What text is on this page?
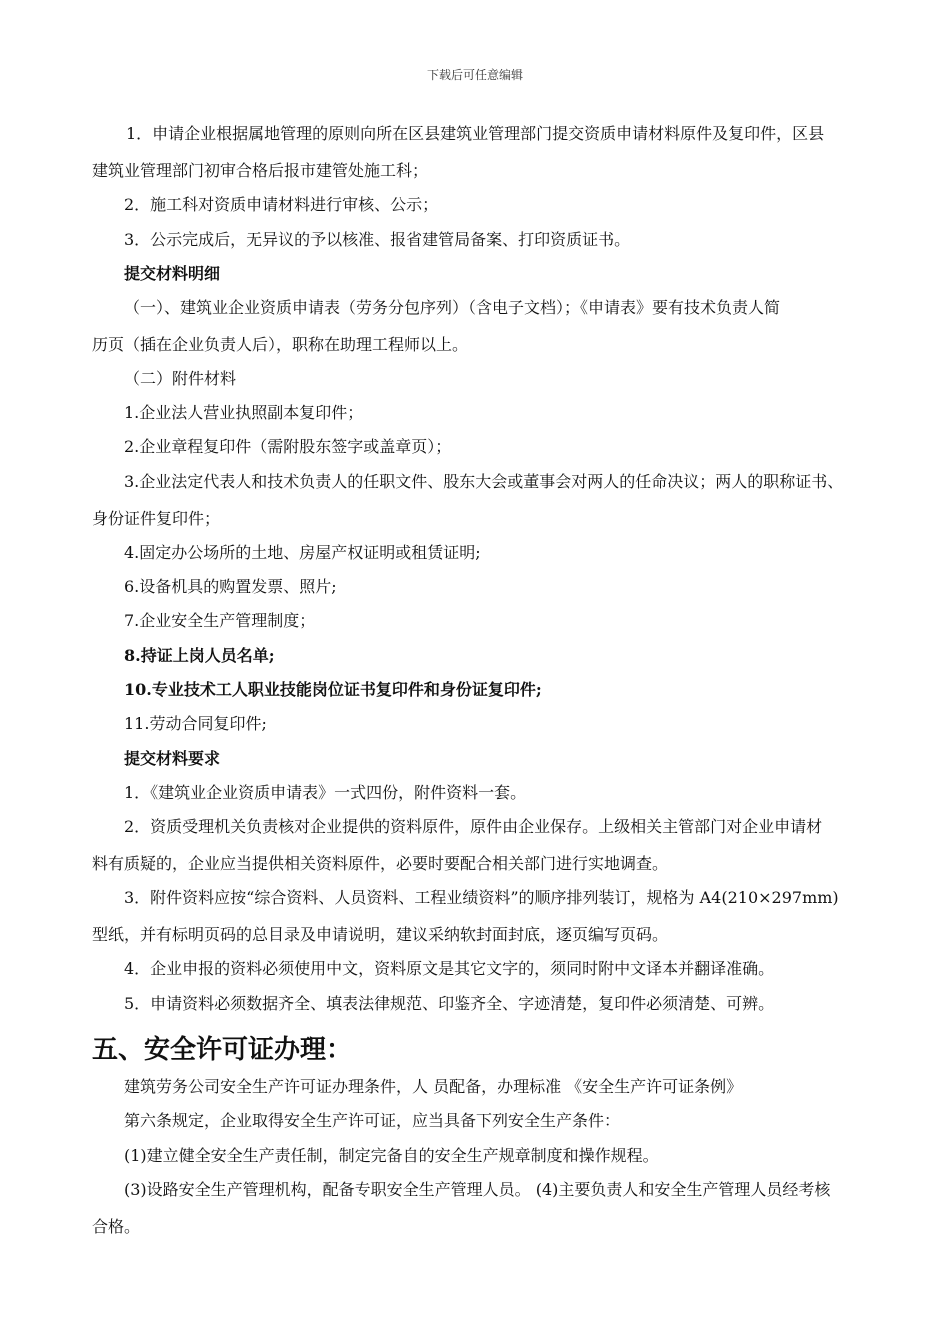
下载后可任意编辑
1．申请企业根据属地管理的原则向所在区县建筑业管理部门提交资质申请材料原件及复印件，区县
建筑业管理部门初审合格后报市建管处施工科；
2．施工科对资质申请材料进行审核、公示；
3．公示完成后，无异议的予以核准、报省建管局备案、打印资质证书。
提交材料明细
（一）、建筑业企业资质申请表（劳务分包序列）（含电子文档）；《申请表》要有技术负责人简
历页（插在企业负责人后），职称在助理工程师以上。
（二）附件材料
1.企业法人营业执照副本复印件；
2.企业章程复印件（需附股东签字或盖章页）；
3.企业法定代表人和技术负责人的任职文件、股东大会或董事会对两人的任命决议；两人的职称证书、
身份证件复印件；
4.固定办公场所的土地、房屋产权证明或租赁证明;
6.设备机具的购置发票、照片;
7.企业安全生产管理制度；
8.持证上岗人员名单;
10.专业技术工人职业技能岗位证书复印件和身份证复印件;
11.劳动合同复印件;
提交材料要求
1．《建筑业企业资质申请表》一式四份，附件资料一套。
2．资质受理机关负责核对企业提供的资料原件，原件由企业保存。上级相关主管部门对企业申请材
料有质疑的，企业应当提供相关资料原件，必要时要配合相关部门进行实地调查。
3．附件资料应按“综合资料、人员资料、工程业绩资料”的顺序排列装订，规格为 A4(210×297mm)
型纸，并有标明页码的总目录及申请说明，建议采纳软封面封底，逐页编写页码。
4．企业申报的资料必须使用中文，资料原文是其它文字的，须同时附中文译本并翻译准确。
5．申请资料必须数据齐全、填表法律规范、印鉴齐全、字迹清楚，复印件必须清楚、可辨。
五、安全许可证办理：
建筑劳务公司安全生产许可证办理条件，人 员配备，办理标准 《安全生产许可证条例》
第六条规定，企业取得安全生产许可证，应当具备下列安全生产条件：
(1)建立健全安全生产责任制，制定完备自的安全生产规章制度和操作规程。
(3)设路安全生产管理机构，配备专职安全生产管理人员。 (4)主要负责人和安全生产管理人员经考核
合格。
